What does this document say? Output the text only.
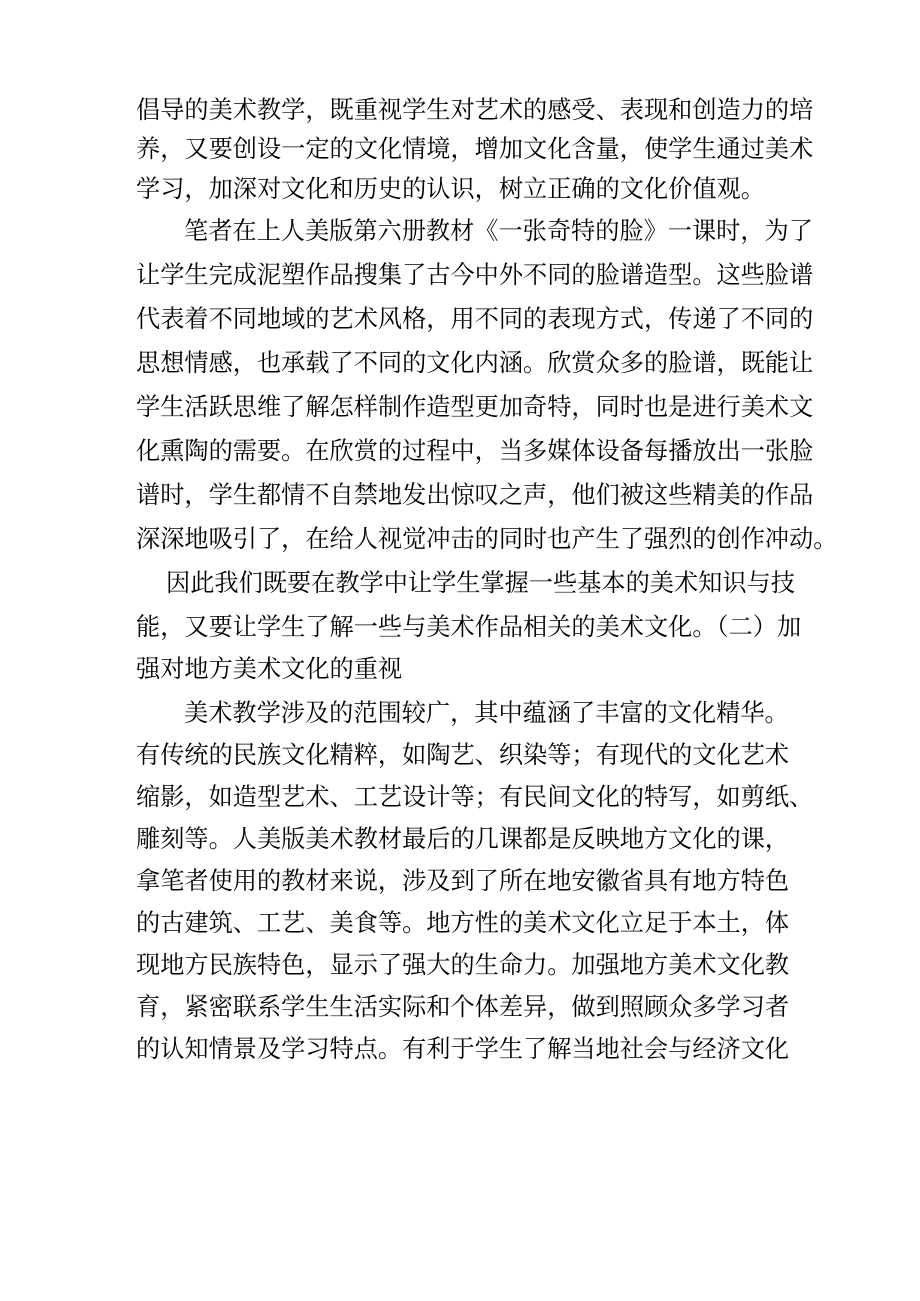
倡导的美术教学，既重视学生对艺术的感受、表现和创造力的培
养，又要创设一定的文化情境，增加文化含量，使学生通过美术
学习，加深对文化和历史的认识，树立正确的文化价值观。
笔者在上人美版第六册教材《一张奇特的脸》一课时，为了
让学生完成泥塑作品搜集了古今中外不同的脸谱造型。这些脸谱
代表着不同地域的艺术风格，用不同的表现方式，传递了不同的
思想情感，也承载了不同的文化内涵。欣赏众多的脸谱，既能让
学生活跃思维了解怎样制作造型更加奇特，同时也是进行美术文
化熏陶的需要。在欣赏的过程中，当多媒体设备每播放出一张脸
谱时，学生都情不自禁地发出惊叹之声，他们被这些精美的作品
深深地吸引了，在给人视觉冲击的同时也产生了强烈的创作冲动。
因此我们既要在教学中让学生掌握一些基本的美术知识与技
能，又要让学生了解一些与美术作品相关的美术文化。（二）加
强对地方美术文化的重视
美术教学涉及的范围较广，其中蕴涵了丰富的文化精华。
有传统的民族文化精粹，如陶艺、织染等；有现代的文化艺术
缩影，如造型艺术、工艺设计等；有民间文化的特写，如剪纸、
雕刻等。人美版美术教材最后的几课都是反映地方文化的课，
拿笔者使用的教材来说，涉及到了所在地安徽省具有地方特色
的古建筑、工艺、美食等。地方性的美术文化立足于本土，体
现地方民族特色，显示了强大的生命力。加强地方美术文化教
育，紧密联系学生生活实际和个体差异，做到照顾众多学习者
的认知情景及学习特点。有利于学生了解当地社会与经济文化
